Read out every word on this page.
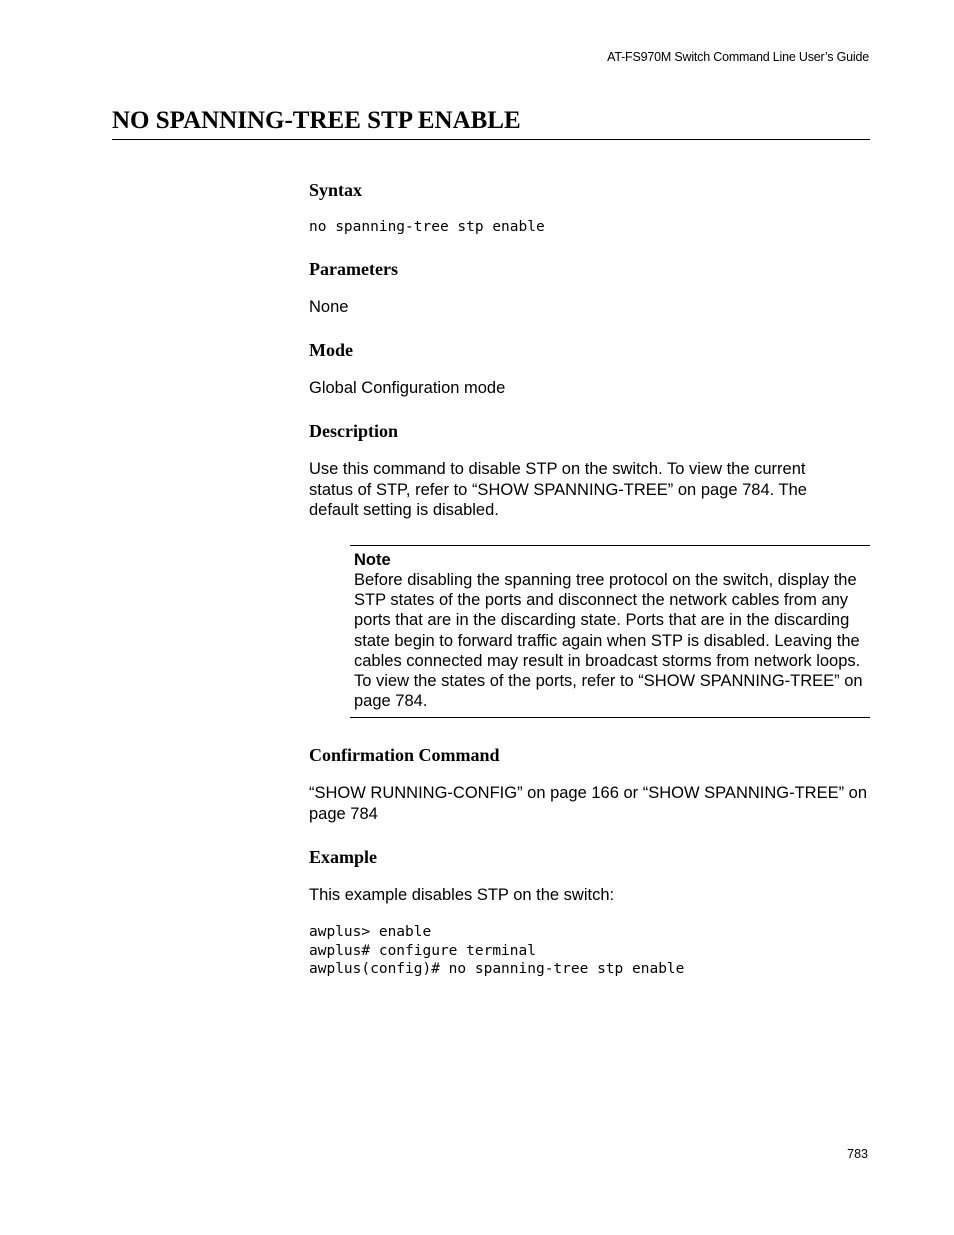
AT-FS970M Switch Command Line User’s Guide
NO SPANNING-TREE STP ENABLE
Syntax
no spanning-tree stp enable
Parameters

None

Mode

Global Configuration mode

Description

Use this command to disable STP on the switch. To view the current status of STP, refer to “SHOW SPANNING-TREE” on page 784. The default setting is disabled.

Note

Before disabling the spanning tree protocol on the switch, display the STP states of the ports and disconnect the network cables from any ports that are in the discarding state. Ports that are in the discarding state begin to forward traffic again when STP is disabled. Leaving the cables connected may result in broadcast storms from network loops. To view the states of the ports, refer to “SHOW SPANNING-TREE” on page 784.

Confirmation Command

“SHOW RUNNING-CONFIG” on page 166 or “SHOW SPANNING-TREE” on page 784

Example

This example disables STP on the switch:

awplus> enable
awplus# configure terminal
awplus(config)# no spanning-tree stp enable
783
